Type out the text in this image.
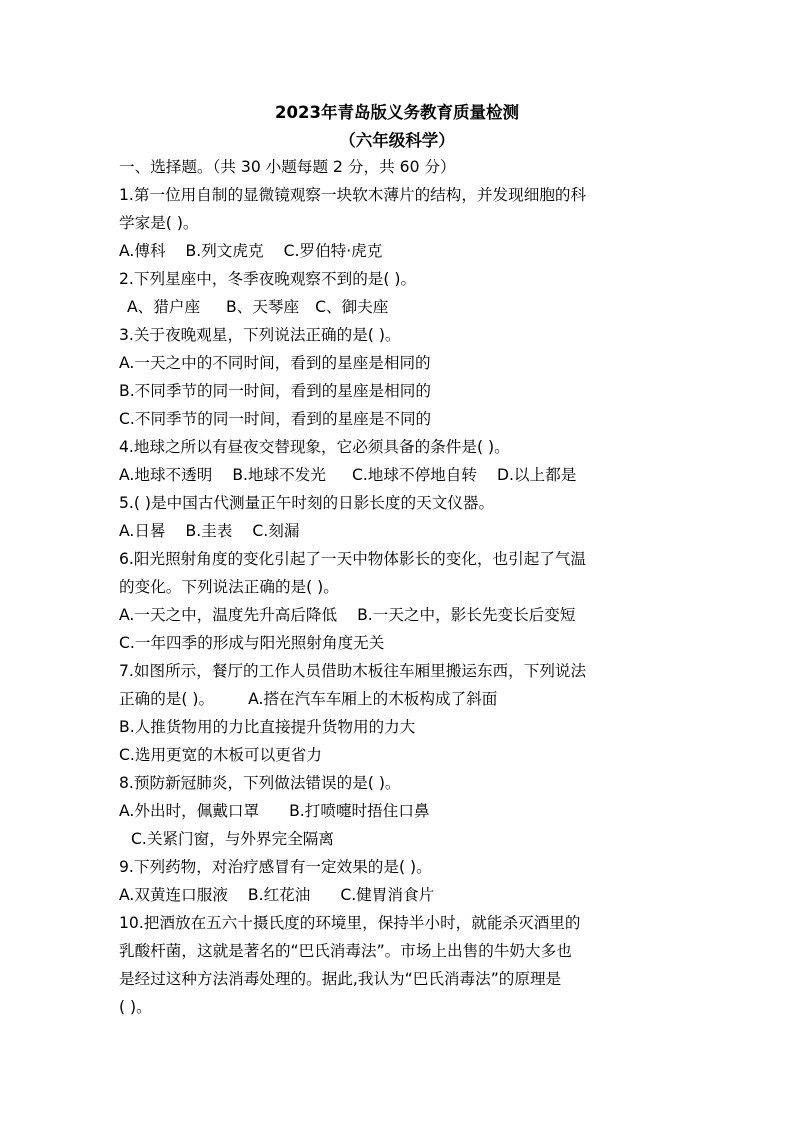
2023年青岛版义务教育质量检测
（六年级科学）
一、选择题。（共 30 小题每题 2 分，共 60 分）
1.第一位用自制的显微镜观察一块软木薄片的结构，并发现细胞的科
学家是( )。
A.傅科 B.列文虎克 C.罗伯特·虎克
2.下列星座中，冬季夜晚观察不到的是( )。
A、猎户座 B、天琴座 C、御夫座
3.关于夜晚观星，下列说法正确的是( )。
A.一天之中的不同时间，看到的星座是相同的
B.不同季节的同一时间，看到的星座是相同的
C.不同季节的同一时间，看到的星座是不同的
4.地球之所以有昼夜交替现象，它必须具备的条件是( )。
A.地球不透明 B.地球不发光 C.地球不停地自转 D.以上都是
5.( )是中国古代测量正午时刻的日影长度的天文仪器。
A.日晷 B.圭表 C.刻漏
6.阳光照射角度的变化引起了一天中物体影长的变化，也引起了气温
的变化。下列说法正确的是( )。
A.一天之中，温度先升高后降低 B.一天之中，影长先变长后变短
C.一年四季的形成与阳光照射角度无关
7.如图所示，餐厅的工作人员借助木板往车厢里搬运东西，下列说法
正确的是( )。 A.搭在汽车车厢上的木板构成了斜面
B.人推货物用的力比直接提升货物用的力大
C.选用更宽的木板可以更省力
8.预防新冠肺炎，下列做法错误的是( )。
A.外出时，佩戴口罩 B.打喷嚏时捂住口鼻
C.关紧门窗，与外界完全隔离
9.下列药物，对治疗感冒有一定效果的是( )。
A.双黄连口服液 B.红花油 C.健胃消食片
10.把酒放在五六十摄氏度的环境里，保持半小时，就能杀灭酒里的
乳酸杆菌，这就是著名的“巴氏消毒法”。市场上出售的牛奶大多也
是经过这种方法消毒处理的。据此,我认为“巴氏消毒法”的原理是
( )。
